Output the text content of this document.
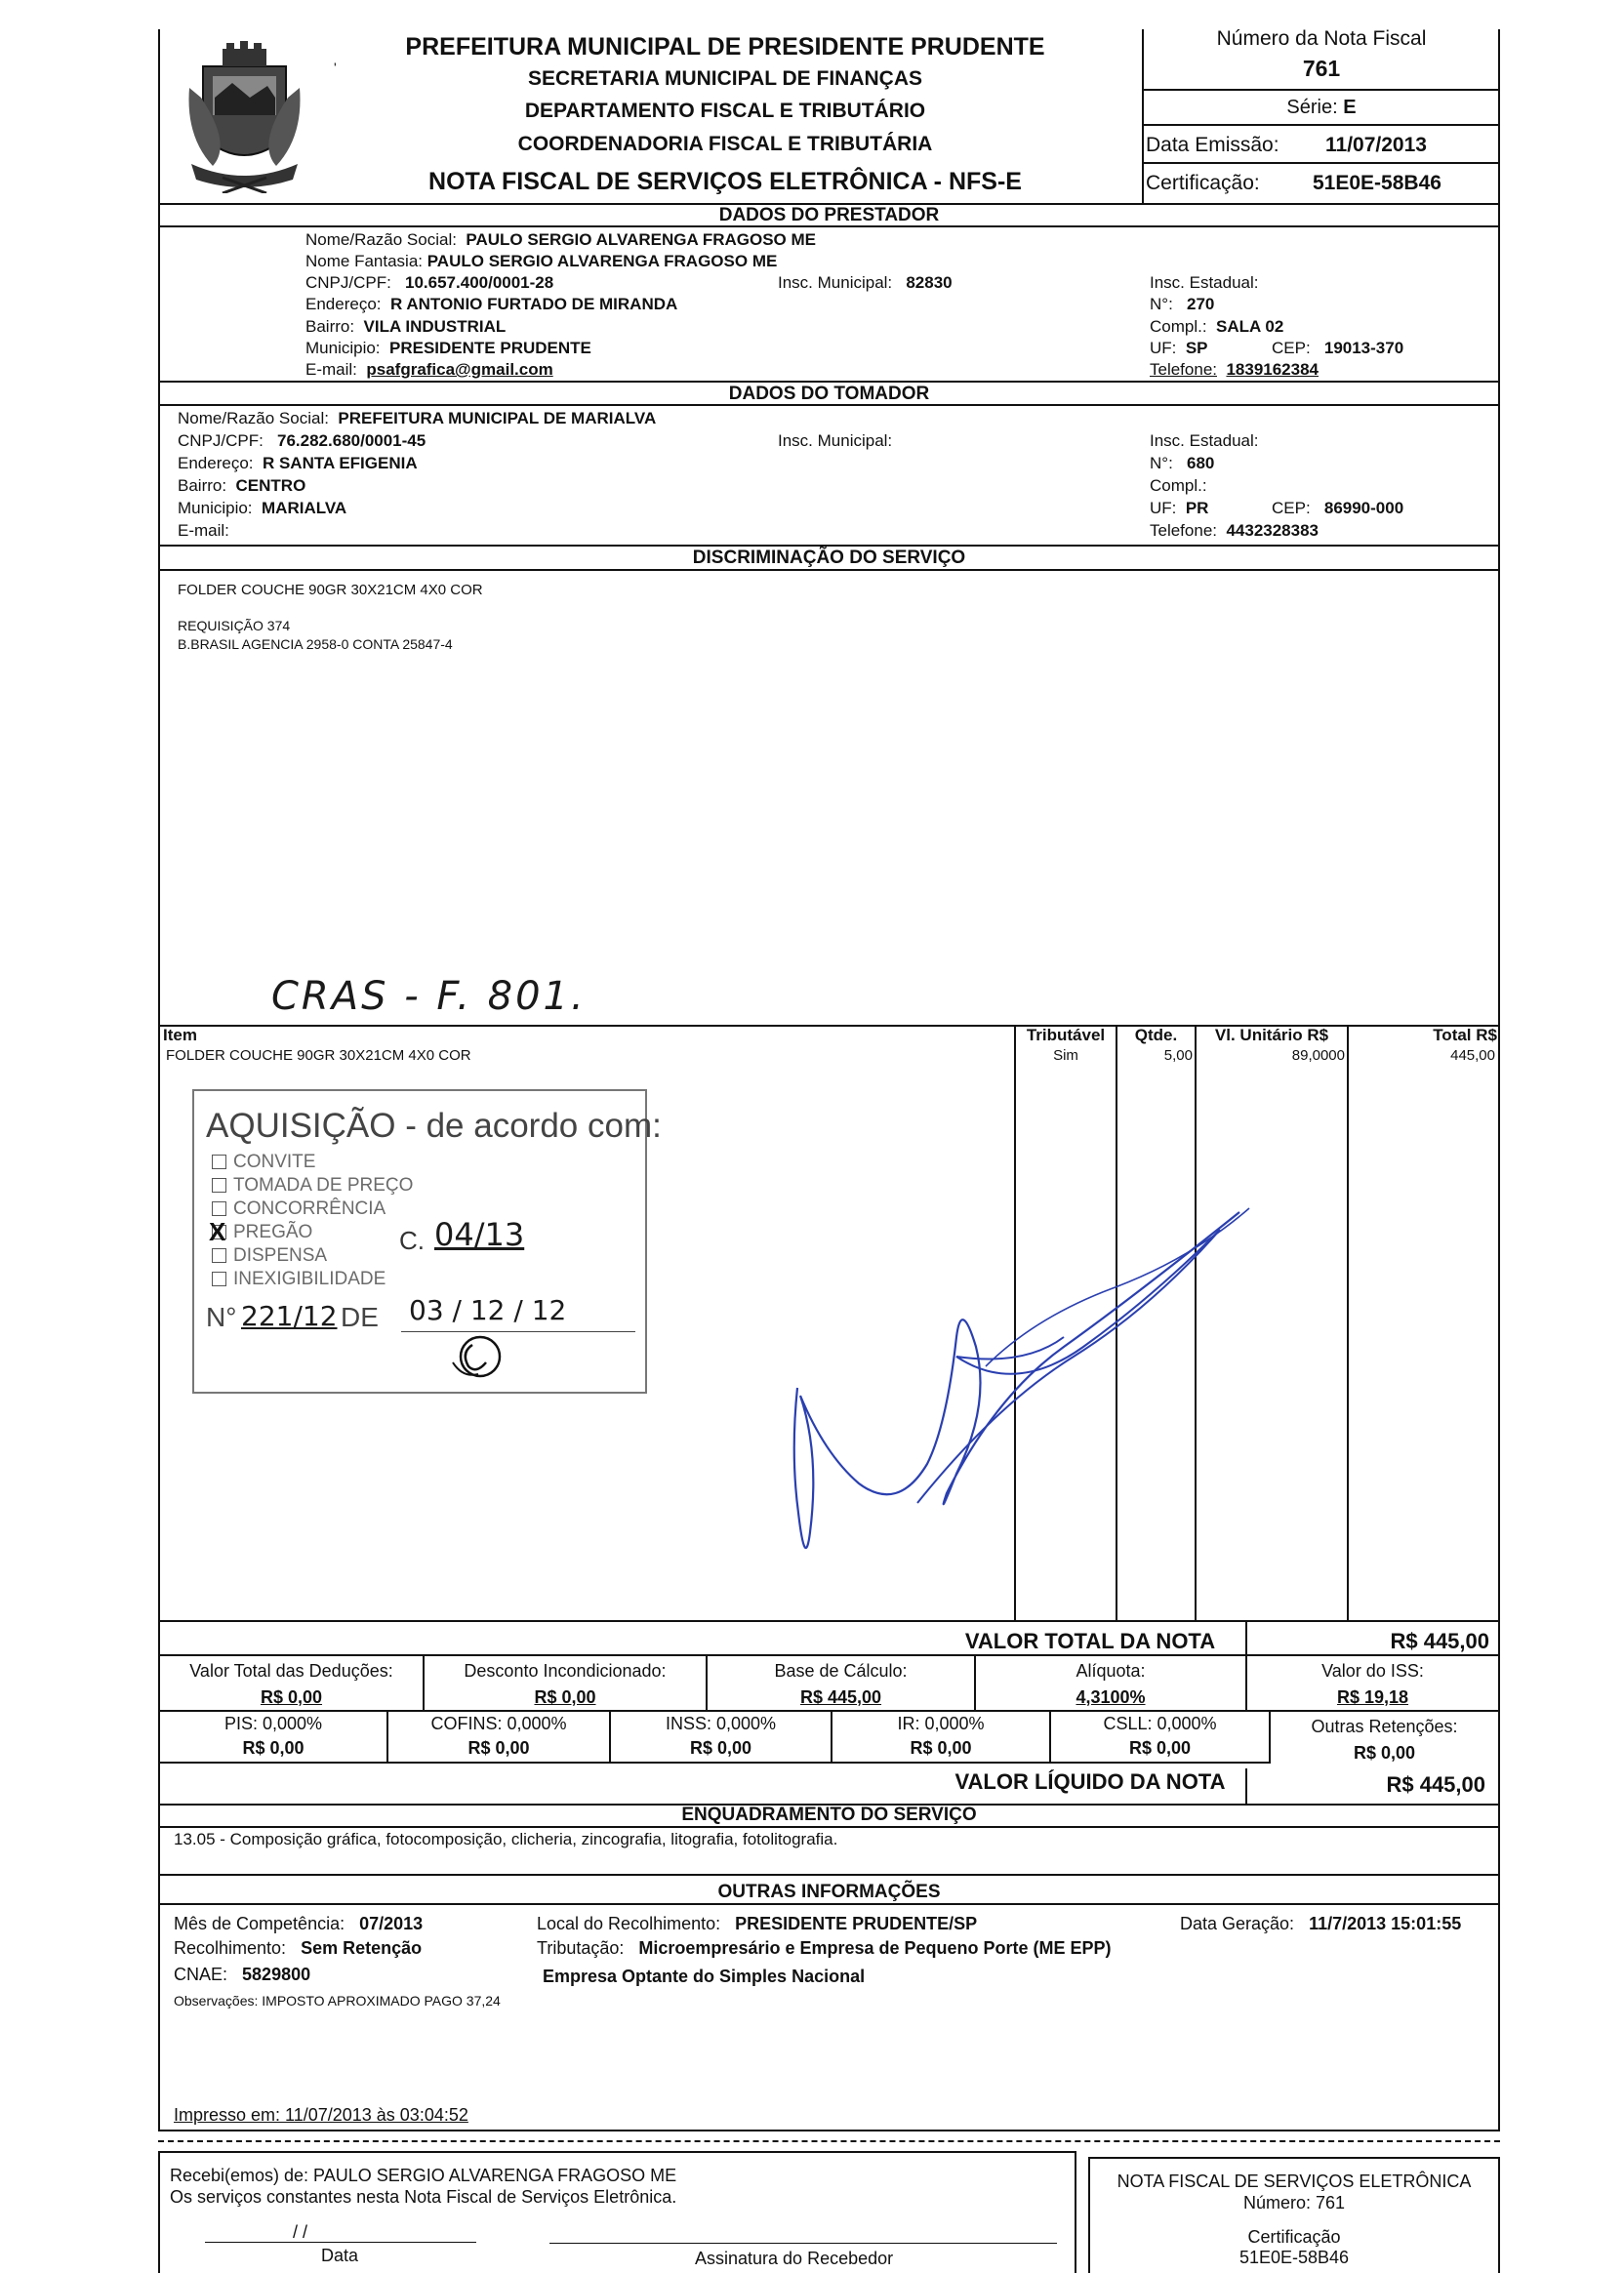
'
PREFEITURA MUNICIPAL DE PRESIDENTE PRUDENTE
SECRETARIA MUNICIPAL DE FINANÇAS
DEPARTAMENTO FISCAL E TRIBUTÁRIO
COORDENADORIA FISCAL E TRIBUTÁRIA
NOTA FISCAL DE SERVIÇOS ELETRÔNICA - NFS-E
Número da Nota Fiscal
761
Série: E
Data Emissão: 11/07/2013
Certificação:	51E0E-58B46
DADOS DO PRESTADOR
Nome/Razão Social: PAULO SERGIO ALVARENGA FRAGOSO ME
Nome Fantasia: PAULO SERGIO ALVARENGA FRAGOSO ME
CNPJ/CPF: 10.657.400/0001-28	Insc. Municipal: 82830	Insc. Estadual:
Endereço: R ANTONIO FURTADO DE MIRANDA	N°: 270
Bairro: VILA INDUSTRIAL	Compl.: SALA 02
Municipio: PRESIDENTE PRUDENTE	UF: SP	CEP: 19013-370
E-mail: psafgrafica@gmail.com	Telefone: 1839162384
DADOS DO TOMADOR
Nome/Razão Social: PREFEITURA MUNICIPAL DE MARIALVA
CNPJ/CPF: 76.282.680/0001-45	Insc. Municipal:	Insc. Estadual:
Endereço: R SANTA EFIGENIA	N°: 680
Bairro: CENTRO	Compl.:
Municipio: MARIALVA	UF: PR	CEP: 86990-000
E-mail:	Telefone: 4432328383
DISCRIMINAÇÃO DO SERVIÇO
FOLDER COUCHE 90GR 30X21CM 4X0 COR
REQUISIÇÃO 374
B.BRASIL AGENCIA 2958-0 CONTA 25847-4
CRAS - F. 801.
Item	Tributável	Qtde.	Vl. Unitário R$	Total R$
FOLDER COUCHE 90GR 30X21CM 4X0 COR	Sim	5,00	89,0000	445,00
AQUISIÇÃO - de acordo com:
CONVITE
TOMADA DE PREÇO
CONCORRÊNCIA
X PREGÃO
DISPENSA
INEXIGIBILIDADE
C. 04/13
N° 221/12 DE 03 / 12 / 12
VALOR TOTAL DA NOTA	R$ 445,00
Valor Total das Deduções:
R$ 0,00
Desconto Incondicionado:
R$ 0,00
Base de Cálculo:
R$ 445,00
Alíquota:
4,3100%
Valor do ISS:
R$ 19,18
PIS: 0,000%
R$ 0,00
COFINS: 0,000%
R$ 0,00
INSS: 0,000%
R$ 0,00
IR: 0,000%
R$ 0,00
CSLL: 0,000%
R$ 0,00
Outras Retenções:
R$ 0,00
VALOR LÍQUIDO DA NOTA	R$ 445,00
ENQUADRAMENTO DO SERVIÇO
13.05 - Composição gráfica, fotocomposição, clicheria, zincografia, litografia, fotolitografia.
OUTRAS INFORMAÇÕES
Mês de Competência: 07/2013	Local do Recolhimento: PRESIDENTE PRUDENTE/SP	Data Geração: 11/7/2013 15:01:55
Recolhimento: Sem Retenção	Tributação: Microempresário e Empresa de Pequeno Porte (ME EPP)
CNAE: 5829800	Empresa Optante do Simples Nacional
Observações: IMPOSTO APROXIMADO PAGO 37,24
Impresso em: 11/07/2013 às 03:04:52
Recebi(emos) de: PAULO SERGIO ALVARENGA FRAGOSO ME
Os serviços constantes nesta Nota Fiscal de Serviços Eletrônica.
/ /
Data	Assinatura do Recebedor
NOTA FISCAL DE SERVIÇOS ELETRÔNICA
Número: 761
Certificação
51E0E-58B46
